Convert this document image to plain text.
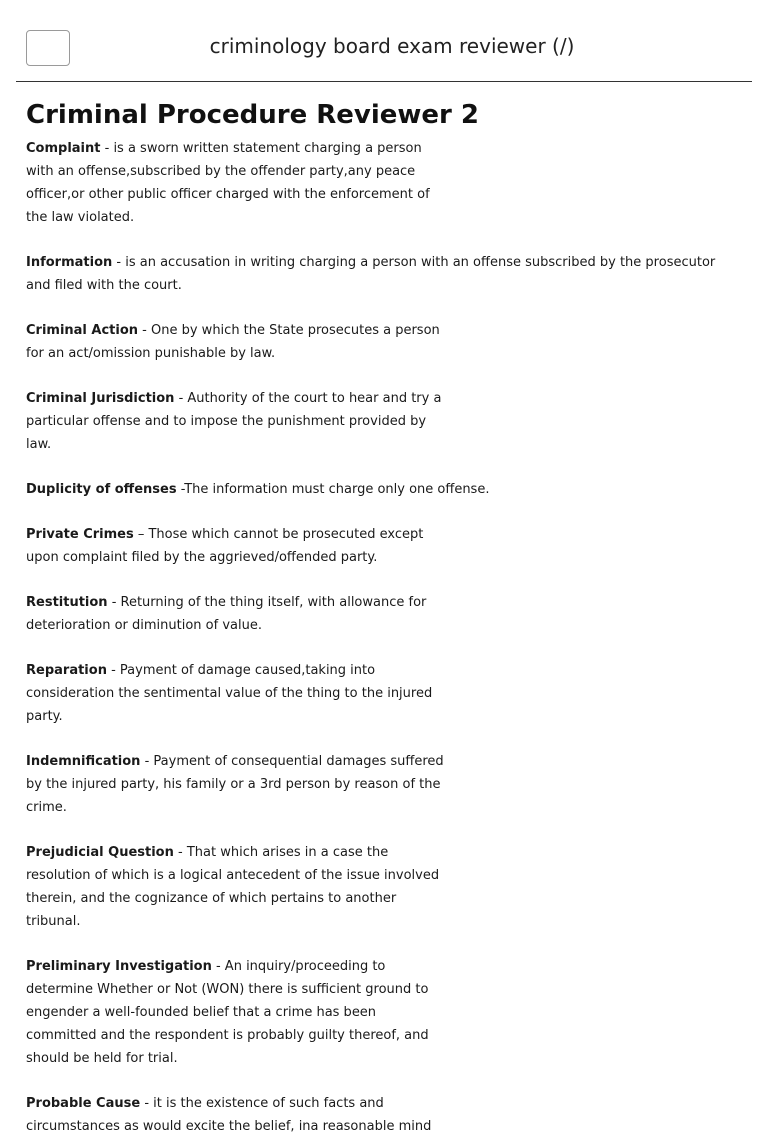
criminology board exam reviewer (/)
Criminal Procedure Reviewer 2

Complaint - is a sworn written statement charging a person with an offense,subscribed by the offender party,any peace officer,or other public officer charged with the enforcement of the law violated.

Information - is an accusation in writing charging a person with an offense subscribed by the prosecutor and filed with the court.

Criminal Action - One by which the State prosecutes a person for an act/omission punishable by law.

Criminal Jurisdiction - Authority of the court to hear and try a particular offense and to impose the punishment provided by law.

Duplicity of offenses -The information must charge only one offense.

Private Crimes – Those which cannot be prosecuted except upon complaint filed by the aggrieved/offended party.

Restitution - Returning of the thing itself, with allowance for deterioration or diminution of value.

Reparation - Payment of damage caused,taking into consideration the sentimental value of the thing to the injured party.

Indemnification - Payment of consequential damages suffered by the injured party, his family or a 3rd person by reason of the crime.

Prejudicial Question - That which arises in a case the resolution of which is a logical antecedent of the issue involved therein, and the cognizance of which pertains to another tribunal.

Preliminary Investigation - An inquiry/proceeding to determine Whether or Not (WON) there is sufficient ground to engender a well-founded belief that a crime has been committed and the respondent is probably guilty thereof, and should be held for trial.

Probable Cause - it is the existence of such facts and circumstances as would excite the belief, ina reasonable mind
